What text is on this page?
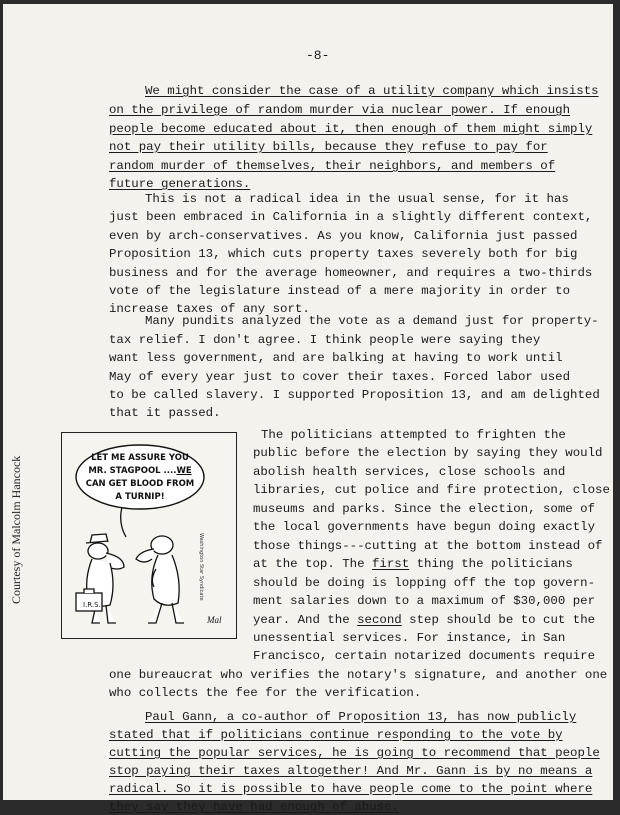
-8-
We might consider the case of a utility company which insists
on the privilege of random murder via nuclear power. If enough
people become educated about it, then enough of them might simply
not pay their utility bills, because they refuse to pay for
random murder of themselves, their neighbors, and members of
future generations.
This is not a radical idea in the usual sense, for it has
just been embraced in California in a slightly different context,
even by arch-conservatives. As you know, California just passed
Proposition 13, which cuts property taxes severely both for big
business and for the average homeowner, and requires a two-thirds
vote of the legislature instead of a mere majority in order to
increase taxes of any sort.
Many pundits analyzed the vote as a demand just for property-
tax relief. I don't agree. I think people were saying they
want less government, and are balking at having to work until
May of every year just to cover their taxes. Forced labor used
to be called slavery. I supported Proposition 13, and am delighted
that it passed.
The politicians attempted to frighten the
public before the election by saying they would
abolish health services, close schools and
libraries, cut police and fire protection, close
museums and parks. Since the election, some of
the local governments have begun doing exactly
those things---cutting at the bottom instead of
at the top. The first thing the politicians
should be doing is lopping off the top govern-
ment salaries down to a maximum of $30,000 per
year. And the second step should be to cut the
unessential services. For instance, in San
Francisco, certain notarized documents require
one bureaucrat who verifies the notary's signature, and another one
who collects the fee for the verification.
Paul Gann, a co-author of Proposition 13, has now publicly
stated that if politicians continue responding to the vote by
cutting the popular services, he is going to recommend that people
stop paying their taxes altogether! And Mr. Gann is by no means a
radical. So it is possible to have people come to the point where
they say they have had enough of abuse.
Courtesy of Malcolm Hancock	LET ME ASSURE YOU
MR. STAGPOOL ....WE
CAN GET BLOOD FROM
A TURNIP!
I.R.S.
Washington Star Syndicate
Mal
